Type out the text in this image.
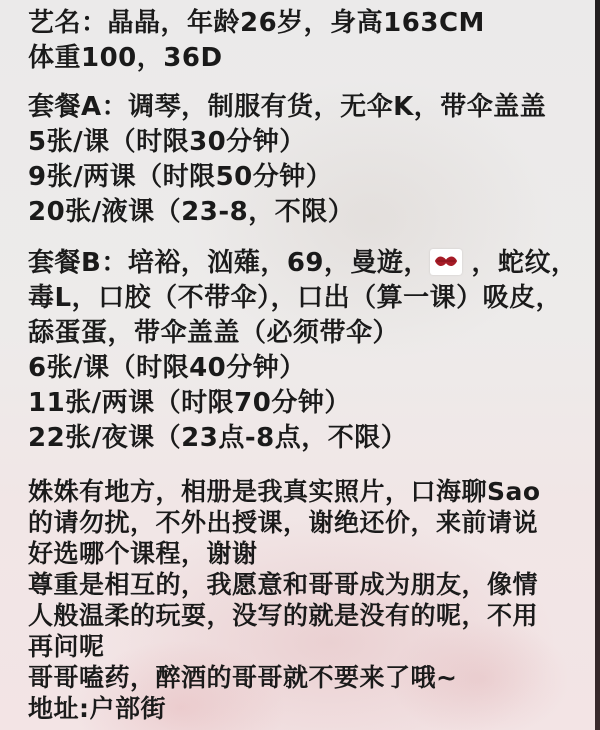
艺名：晶晶，年龄26岁，身高163CM
体重100，36D
套餐A：调琴，制服有货，无伞K，带伞盖盖
5张/课（时限30分钟）
9张/两课（时限50分钟）
20张/液课（23-8，不限）
套餐B：培裕，汹薙，69，曼遊，
，蛇纹，
毒L，口胶（不带伞），口出（算一课）吸皮，
舔蛋蛋，带伞盖盖（必须带伞）
6张/课（时限40分钟）
11张/两课（时限70分钟）
22张/夜课（23点-8点，不限）
姝姝有地方，相册是我真实照片，口海聊Sao
的请勿扰，不外出授课，谢绝还价，来前请说
好选哪个课程，谢谢
尊重是相互的，我愿意和哥哥成为朋友，像情
人般温柔的玩耍，没写的就是没有的呢，不用
再问呢
哥哥嗑药，醉酒的哥哥就不要来了哦~
地址:户部街
